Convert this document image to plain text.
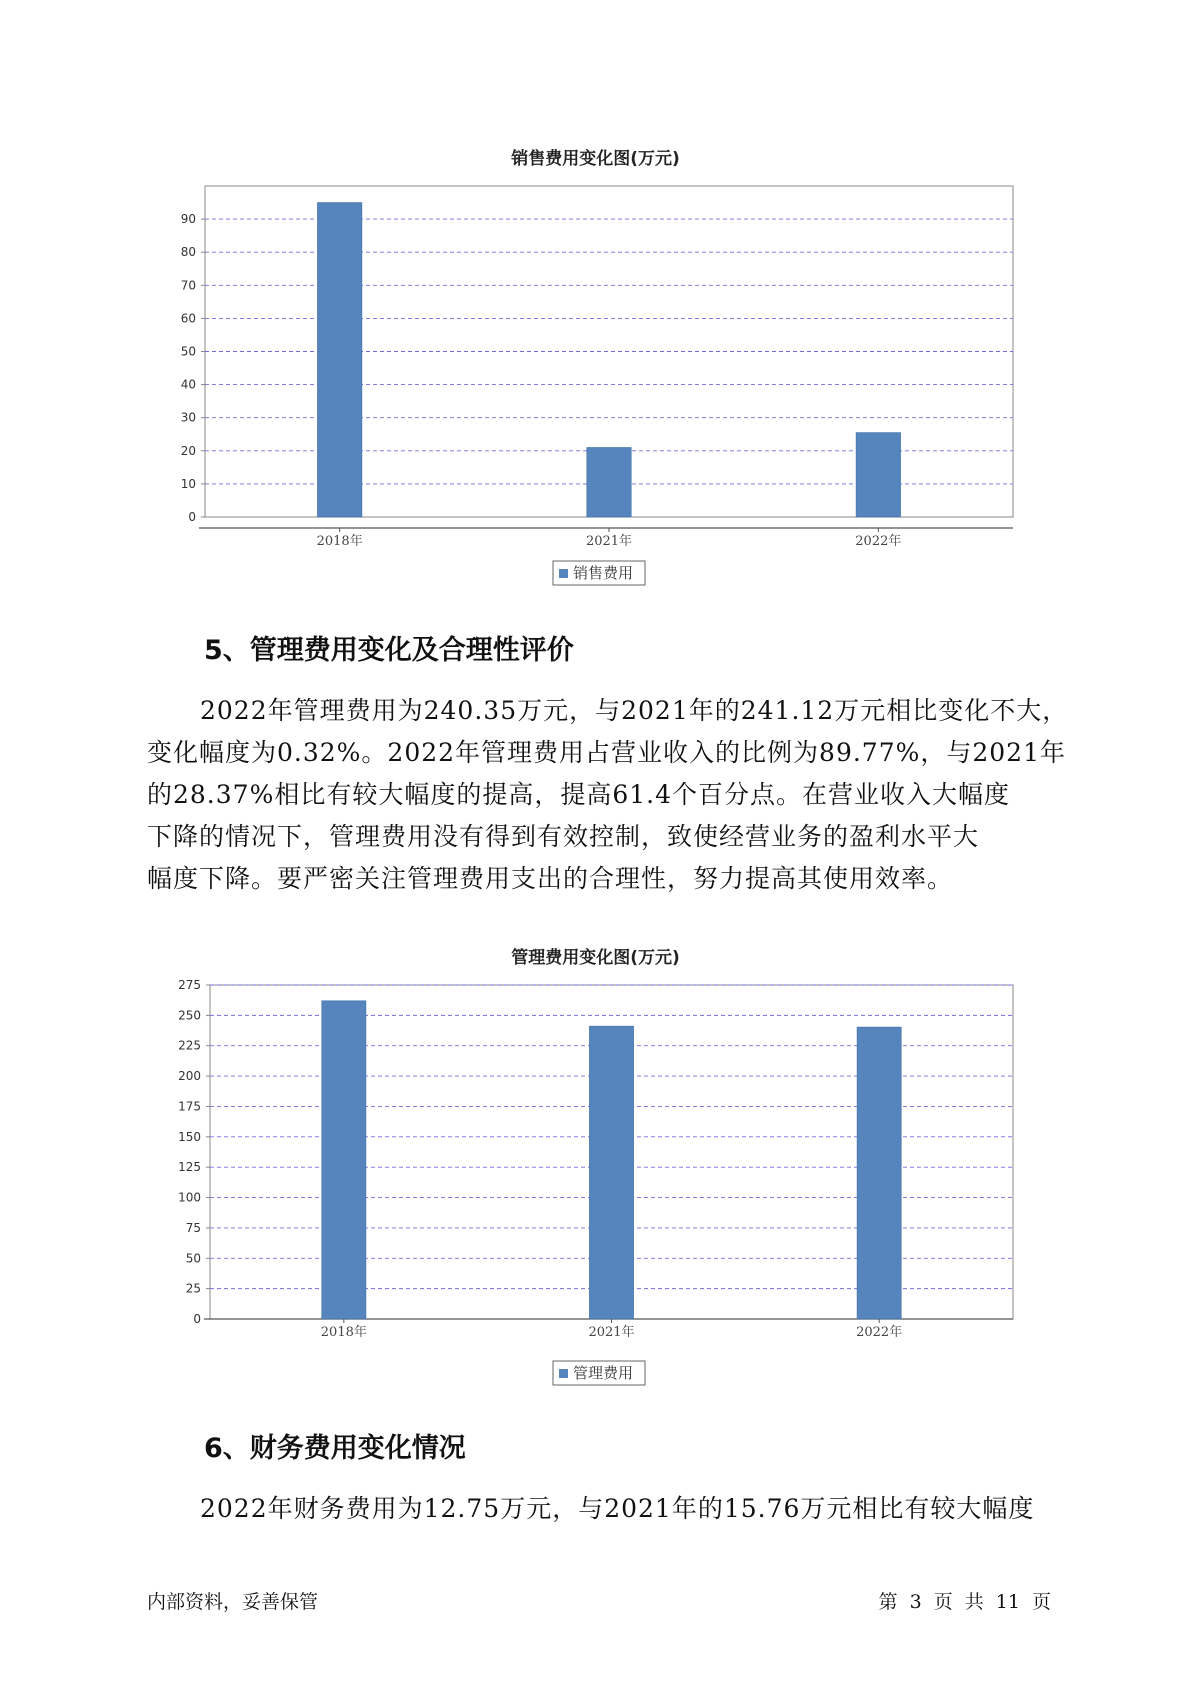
销售费用变化图(万元)
0
10
20
30
40
50
60
70
80
90
2018年	2021年	2022年
销售费用
5、管理费用变化及合理性评价
2022年管理费用为240.35万元，与2021年的241.12万元相比变化不大，
变化幅度为0.32%。2022年管理费用占营业收入的比例为89.77%，与2021年
的28.37%相比有较大幅度的提高，提高61.4个百分点。在营业收入大幅度
下降的情况下，管理费用没有得到有效控制，致使经营业务的盈利水平大
幅度下降。要严密关注管理费用支出的合理性，努力提高其使用效率。
管理费用变化图(万元)
0
25
50
75
100
125
150
175
200
225
250
275
2018年	2021年	2022年
管理费用
6、财务费用变化情况
2022年财务费用为12.75万元，与2021年的15.76万元相比有较大幅度
内部资料，妥善保管	第 3 页 共 11 页
